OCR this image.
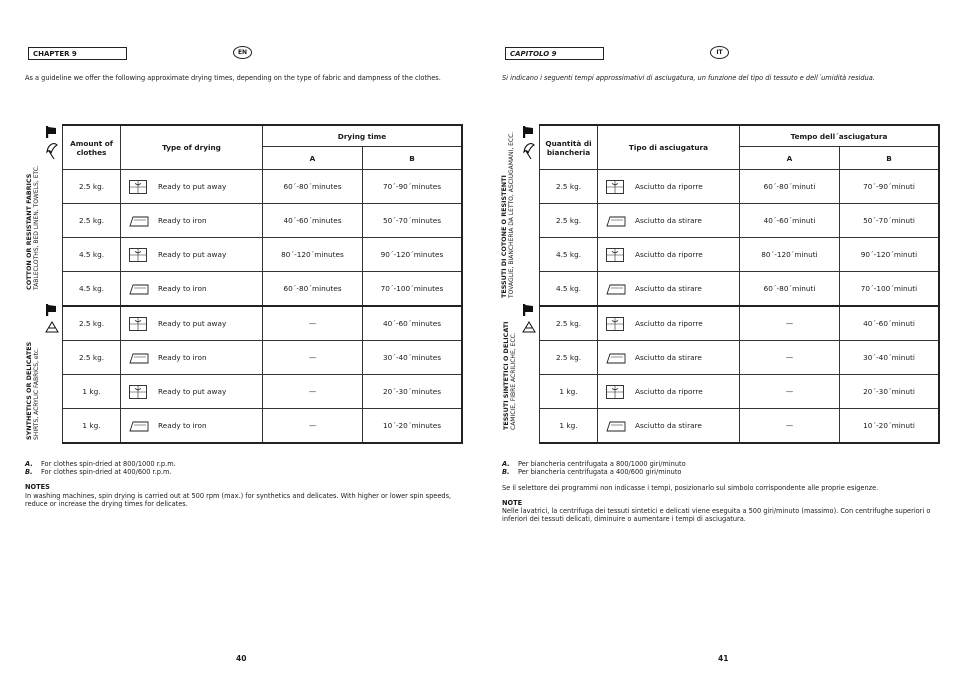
CHAPTER 9	EN
As a guideline we offer the following approximate drying times, depending on the type of fabric and dampness of the clothes.
COTTON OR RESISTANT FABRICS
TABLECLOTHS, BED LINEN, TOWELS, ETC.
SYNTHETICS OR DELICATES
SHIRTS, ACRYLIC FABRICS, etc.
Amount of clothes	Type of drying		Drying time	
			A	B
2.5 kg.		Ready to put away	60´-80´minutes	70´-90´minutes
2.5 kg.		Ready to iron	40´-60´minutes	50´-70´minutes
4.5 kg.		Ready to put away	80´-120´minutes	90´-120´minutes
4.5 kg.		Ready to iron	60´-80´minutes	70´-100´minutes
2.5 kg.		Ready to put away	—	40´-60´minutes
2.5 kg.		Ready to iron	—	30´-40´minutes
1 kg.		Ready to put away	—	20´-30´minutes
1 kg.		Ready to iron	—	10´-20´minutes
A. For clothes spin-dried at 800/1000 r.p.m.
B. For clothes spin-dried at 400/600 r.p.m.
NOTES
In washing machines, spin drying is carried out at 500 rpm (max.) for synthetics and delicates. With higher or lower spin speeds, reduce or increase the drying times for delicates.
40
CAPITOLO 9	IT
Si indicano i seguenti tempi approssimativi di asciugatura, un funzione del tipo di tessuto e dell´umidità residua.
TESSUTI DI COTONE O RESISTENTI
TOVAGLIE, BIANCHERIA DA LETTO, ASCIUGAMANI, ECC.
TESSUTI SINTETICI O DELICATI
CAMICIE, FIBRE ACRILICHE, ECC.
Quantità di biancheria	Tipo di asciugatura		Tempo dell´asciugatura	
			A	B
2.5 kg.		Asciutto da riporre	60´-80´minuti	70´-90´minuti
2.5 kg.		Asciutto da stirare	40´-60´minuti	50´-70´minuti
4.5 kg.		Asciutto da riporre	80´-120´minuti	90´-120´minuti
4.5 kg.		Asciutto da stirare	60´-80´minuti	70´-100´minuti
2.5 kg.		Asciutto da riporre	—	40´-60´minuti
2.5 kg.		Asciutto da stirare	—	30´-40´minuti
1 kg.		Asciutto da riporre	—	20´-30´minuti
1 kg.		Asciutto da stirare	—	10´-20´minuti
A. Per biancheria centrifugata a 800/1000 giri/minuto
B. Per biancheria centrifugata a 400/600 giri/minuto
Se il selettore dei programmi non indicasse i tempi, posizionarlo sul simbolo corrispondente alle proprie esigenze.
NOTE
Nelle lavatrici, la centrifuga dei tessuti sintetici e delicati viene eseguita a 500 giri/minuto (massimo). Con centrifughe superiori o inferiori dei tessuti delicati, diminuire o aumentare i tempi di asciugatura.
41
